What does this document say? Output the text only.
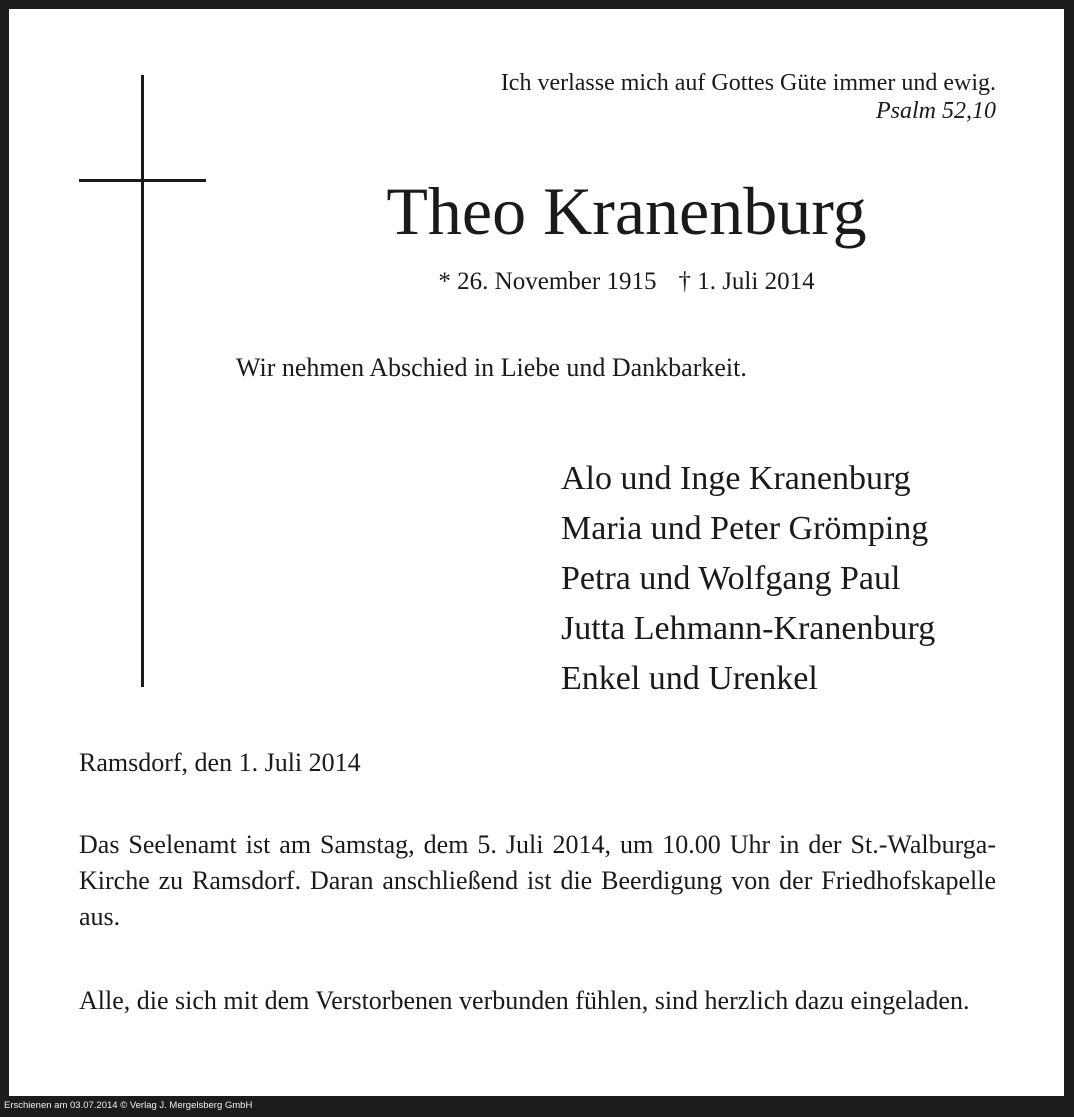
Ich verlasse mich auf Gottes Güte immer und ewig.
Psalm 52,10
Theo Kranenburg
* 26. November 1915 † 1. Juli 2014
Wir nehmen Abschied in Liebe und Dankbarkeit.
Alo und Inge Kranenburg
Maria und Peter Grömping
Petra und Wolfgang Paul
Jutta Lehmann-Kranenburg
Enkel und Urenkel
Ramsdorf, den 1. Juli 2014
Das Seelenamt ist am Samstag, dem 5. Juli 2014, um 10.00 Uhr in der St.-Walburga-Kirche zu Ramsdorf. Daran anschließend ist die Beerdigung von der Friedhofskapelle aus.
Alle, die sich mit dem Verstorbenen verbunden fühlen, sind herzlich dazu eingeladen.
Erschienen am 03.07.2014 © Verlag J. Mergelsberg GmbH
